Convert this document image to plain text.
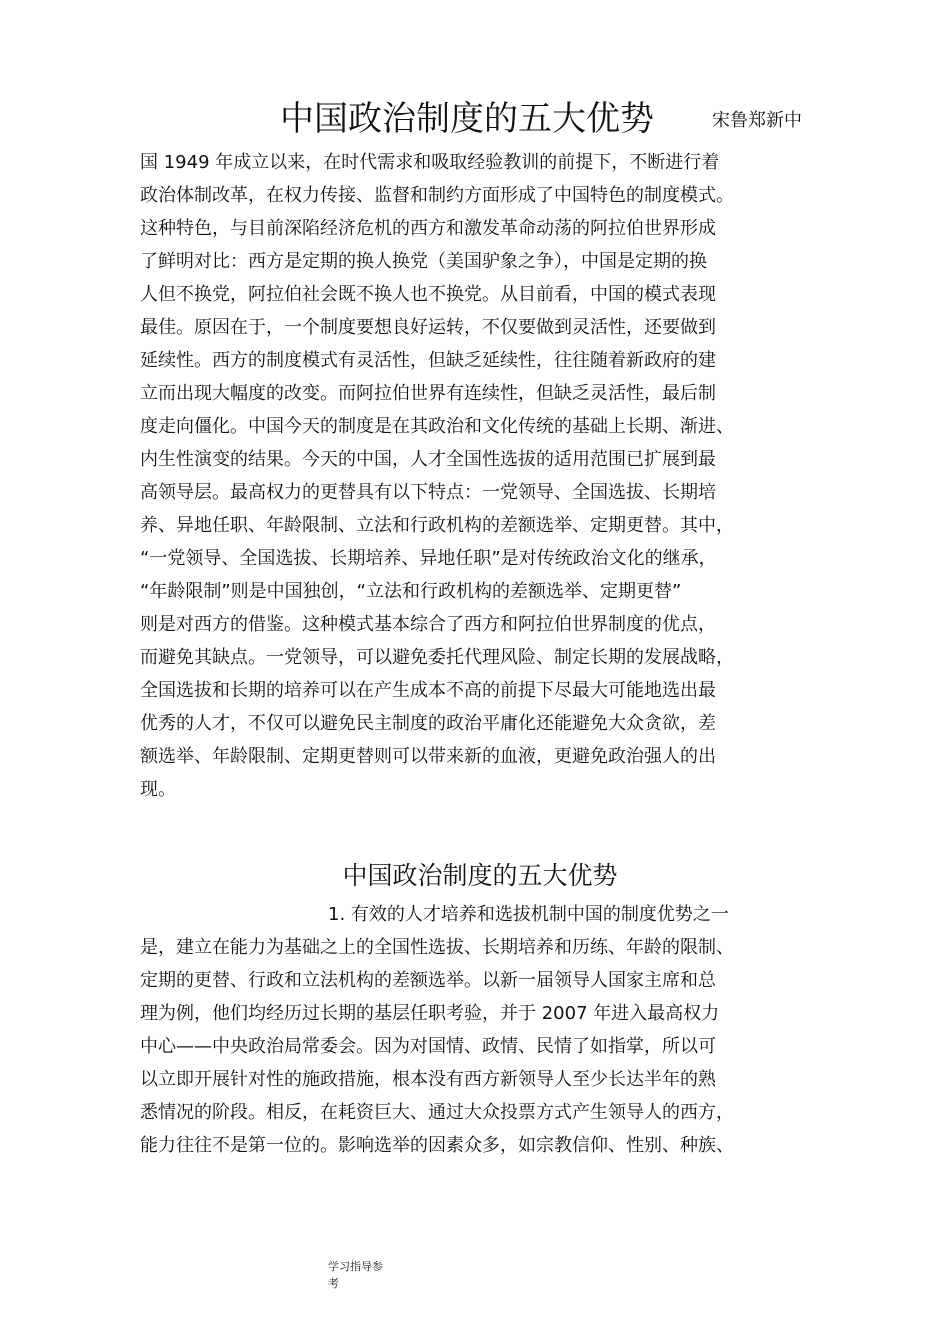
中国政治制度的五大优势	宋鲁郑新中
国 1949 年成立以来，在时代需求和吸取经验教训的前提下，不断进行着
政治体制改革，在权力传接、监督和制约方面形成了中国特色的制度模式。
这种特色，与目前深陷经济危机的西方和激发革命动荡的阿拉伯世界形成
了鲜明对比：西方是定期的换人换党（美国驴象之争），中国是定期的换
人但不换党，阿拉伯社会既不换人也不换党。从目前看，中国的模式表现
最佳。原因在于，一个制度要想良好运转，不仅要做到灵活性，还要做到
延续性。西方的制度模式有灵活性，但缺乏延续性，往往随着新政府的建
立而出现大幅度的改变。而阿拉伯世界有连续性，但缺乏灵活性，最后制
度走向僵化。中国今天的制度是在其政治和文化传统的基础上长期、渐进、
内生性演变的结果。今天的中国，人才全国性选拔的适用范围已扩展到最
高领导层。最高权力的更替具有以下特点：一党领导、全国选拔、长期培
养、异地任职、年龄限制、立法和行政机构的差额选举、定期更替。其中，
“一党领导、全国选拔、长期培养、异地任职”是对传统政治文化的继承，
“年龄限制”则是中国独创，“立法和行政机构的差额选举、定期更替”
则是对西方的借鉴。这种模式基本综合了西方和阿拉伯世界制度的优点，
而避免其缺点。一党领导，可以避免委托代理风险、制定长期的发展战略，
全国选拔和长期的培养可以在产生成本不高的前提下尽最大可能地选出最
优秀的人才，不仅可以避免民主制度的政治平庸化还能避免大众贪欲，差
额选举、年龄限制、定期更替则可以带来新的血液，更避免政治强人的出
现。
中国政治制度的五大优势
1. 有效的人才培养和选拔机制中国的制度优势之一
是，建立在能力为基础之上的全国性选拔、长期培养和历练、年龄的限制、
定期的更替、行政和立法机构的差额选举。以新一届领导人国家主席和总
理为例，他们均经历过长期的基层任职考验，并于 2007 年进入最高权力
中心——中央政治局常委会。因为对国情、政情、民情了如指掌，所以可
以立即开展针对性的施政措施，根本没有西方新领导人至少长达半年的熟
悉情况的阶段。相反，在耗资巨大、通过大众投票方式产生领导人的西方，
能力往往不是第一位的。影响选举的因素众多，如宗教信仰、性别、种族、
学习指导参
考
